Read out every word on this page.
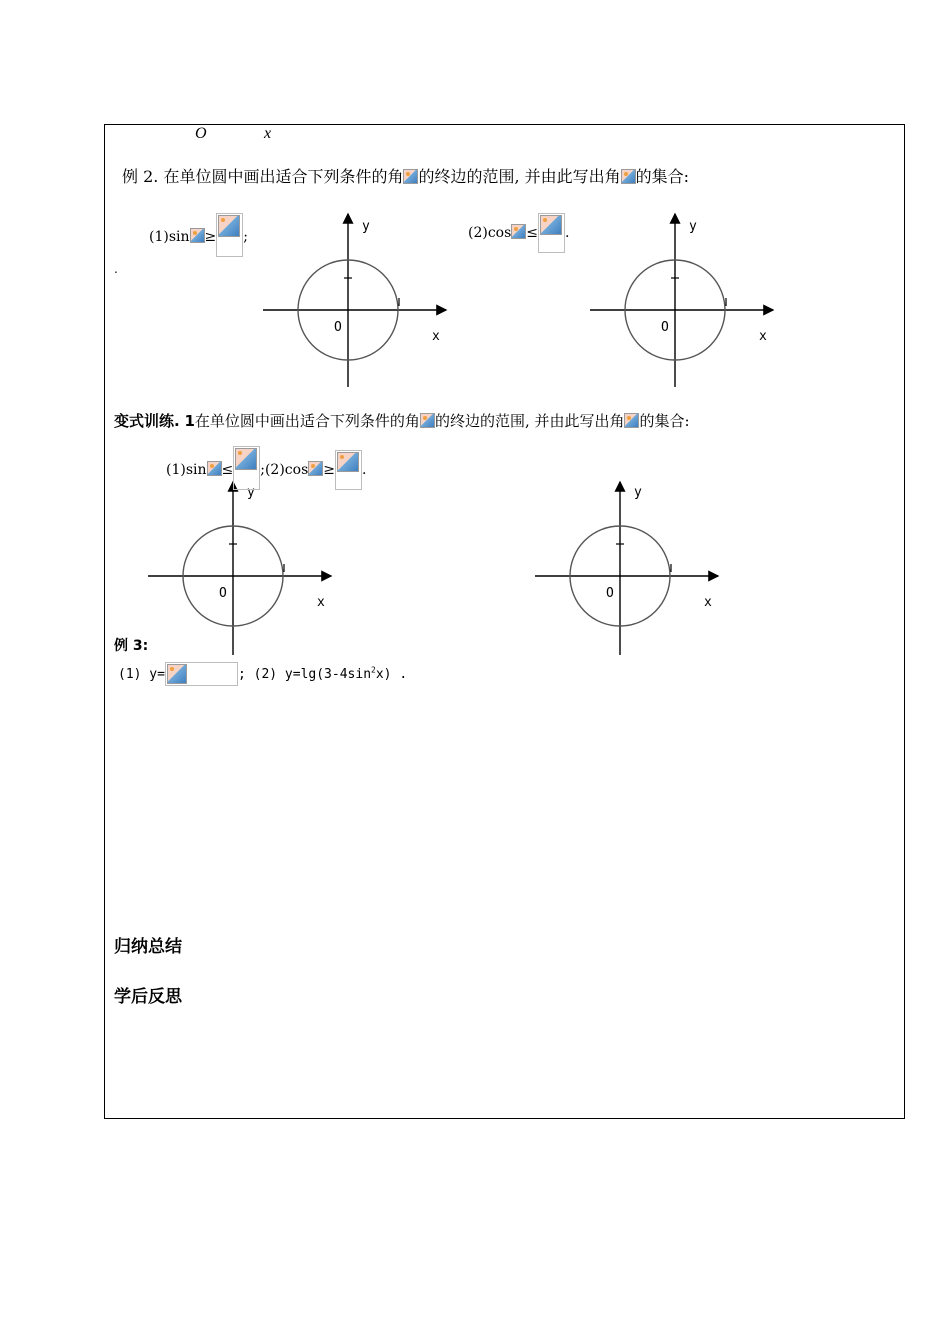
O	x
例 2. 在单位圆中画出适合下列条件的角 的终边的范围, 并由此写出角 的集合:
(1)sin ≥ ;
.
(2)cos ≤ .
y
x
O
y
x
O
y
x
O
y
x
O
变式训练. 1在单位圆中画出适合下列条件的角 的终边的范围, 并由此写出角 的集合:
(1)sin ≤ ;(2)cos ≥ .
例 3:
(1) y=	; (2) $y=\lg(3-4\sin^2x)$ .
归纳总结
学后反思
